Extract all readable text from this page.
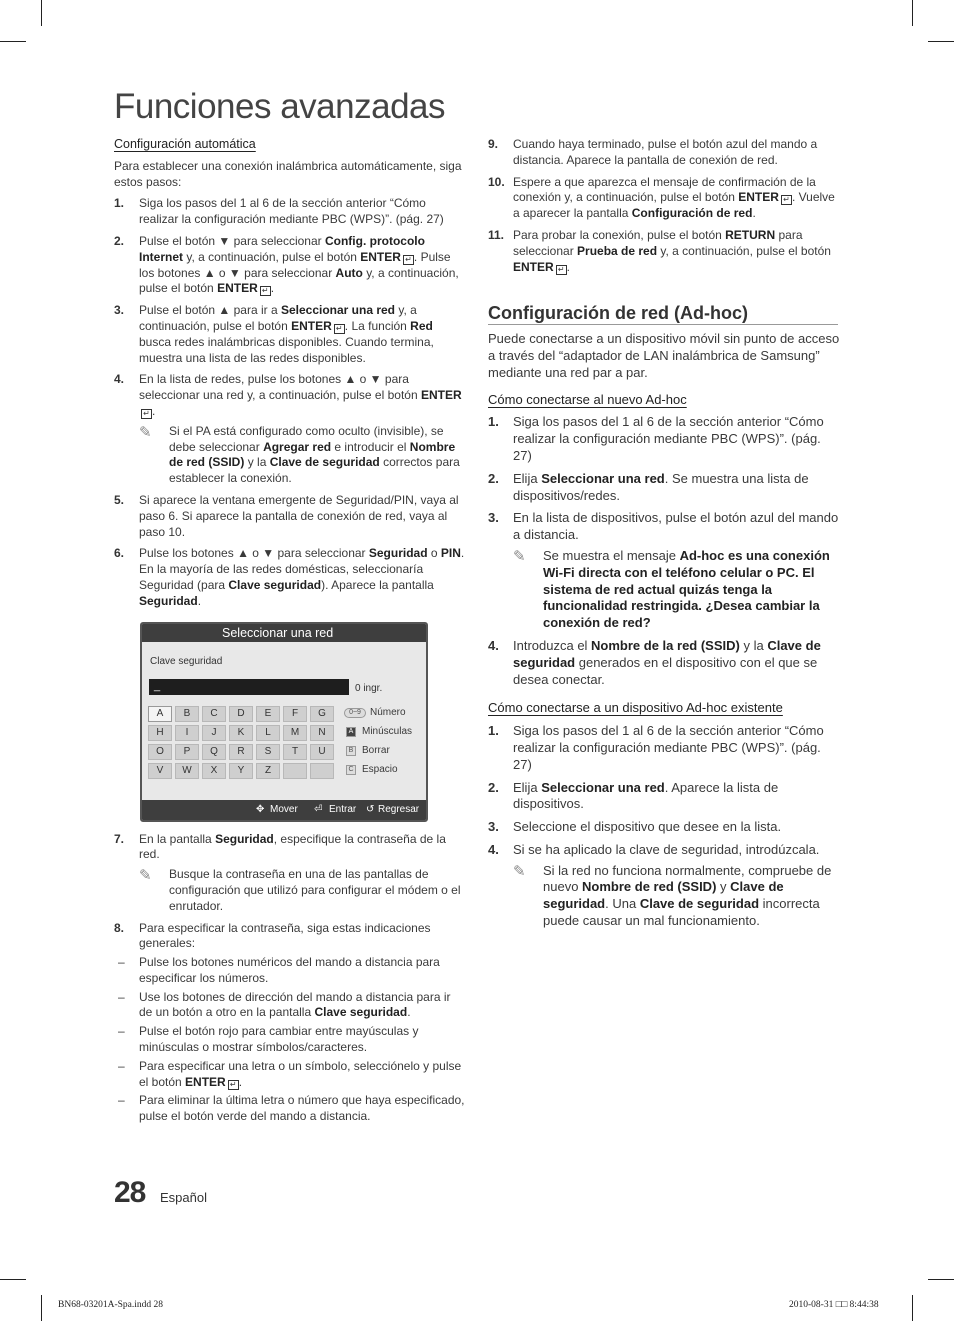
Funciones avanzadas
Configuración automática
Para establecer una conexión inalámbrica automáticamente, siga estos pasos:
1. Siga los pasos del 1 al 6 de la sección anterior “Cómo realizar la configuración mediante PBC (WPS)”. (pág. 27)
2. Pulse el botón ▼ para seleccionar Config. protocolo Internet y, a continuación, pulse el botón ENTER ↵ . Pulse los botones ▲ o ▼ para seleccionar Auto y, a continuación, pulse el botón ENTER ↵ .
3. Pulse el botón ▲ para ir a Seleccionar una red y, a continuación, pulse el botón ENTER ↵ . La función Red busca redes inalámbricas disponibles. Cuando termina, muestra una lista de las redes disponibles.
4. En la lista de redes, pulse los botones ▲ o ▼ para seleccionar una red y, a continuación, pulse el botón ENTER↵ .
✎ Si el PA está configurado como oculto (invisible), se debe seleccionar Agregar red e introducir el Nombre de red (SSID) y la Clave de seguridad correctos para establecer la conexión.
5. Si aparece la ventana emergente de Seguridad/PIN, vaya al paso 6. Si aparece la pantalla de conexión de red, vaya al paso 10.
6. Pulse los botones ▲ o ▼ para seleccionar Seguridad o PIN. En la mayoría de las redes domésticas, seleccionaría Seguridad (para Clave seguridad). Aparece la pantalla Seguridad.
Seleccionar una red
Clave seguridad
_	0 ingr.
A	B	C	D	E	F	G
H	I	J	K	L	M	N
O	P	Q	R	S	T	U
V	W	X	Y	Z
0~9 Número
A Minúsculas
B Borrar
C Espacio
✥ Mover ⏎ Entrar ↺ Regresar
7. En la pantalla Seguridad, especifique la contraseña de la red.
✎ Busque la contraseña en una de las pantallas de configuración que utilizó para configurar el módem o el enrutador.
8. Para especificar la contraseña, siga estas indicaciones generales:
– Pulse los botones numéricos del mando a distancia para especificar los números.
– Use los botones de dirección del mando a distancia para ir de un botón a otro en la pantalla Clave seguridad.
– Pulse el botón rojo para cambiar entre mayúsculas y minúsculas o mostrar símbolos/caracteres.
– Para especificar una letra o un símbolo, selecciónelo y pulse el botón ENTER ↵ .
– Para eliminar la última letra o número que haya especificado, pulse el botón verde del mando a distancia.
9. Cuando haya terminado, pulse el botón azul del mando a distancia. Aparece la pantalla de conexión de red.
10. Espere a que aparezca el mensaje de confirmación de la conexión y, a continuación, pulse el botón ENTER ↵ . Vuelve a aparecer la pantalla Configuración de red.
11. Para probar la conexión, pulse el botón RETURN para seleccionar Prueba de red y, a continuación, pulse el botón ENTER ↵ .
Configuración de red (Ad-hoc)
Puede conectarse a un dispositivo móvil sin punto de acceso a través del “adaptador de LAN inalámbrica de Samsung” mediante una red par a par.
Cómo conectarse al nuevo Ad-hoc
1. Siga los pasos del 1 al 6 de la sección anterior “Cómo realizar la configuración mediante PBC (WPS)”. (pág. 27)
2. Elija Seleccionar una red. Se muestra una lista de dispositivos/redes.
3. En la lista de dispositivos, pulse el botón azul del mando a distancia.
✎ Se muestra el mensaje Ad-hoc es una conexión Wi-Fi directa con el teléfono celular o PC. El sistema de red actual quizás tenga la funcionalidad restringida. ¿Desea cambiar la conexión de red?
4. Introduzca el Nombre de la red (SSID) y la Clave de seguridad generados en el dispositivo con el que se desea conectar.
Cómo conectarse a un dispositivo Ad-hoc existente
1. Siga los pasos del 1 al 6 de la sección anterior “Cómo realizar la configuración mediante PBC (WPS)”. (pág. 27)
2. Elija Seleccionar una red. Aparece la lista de dispositivos.
3. Seleccione el dispositivo que desee en la lista.
4. Si se ha aplicado la clave de seguridad, introdúzcala.
✎ Si la red no funciona normalmente, compruebe de nuevo Nombre de red (SSID) y Clave de seguridad. Una Clave de seguridad incorrecta puede causar un mal funcionamiento.
28 Español
BN68-03201A-Spa.indd 28	2010-08-31 □□ 8:44:38
